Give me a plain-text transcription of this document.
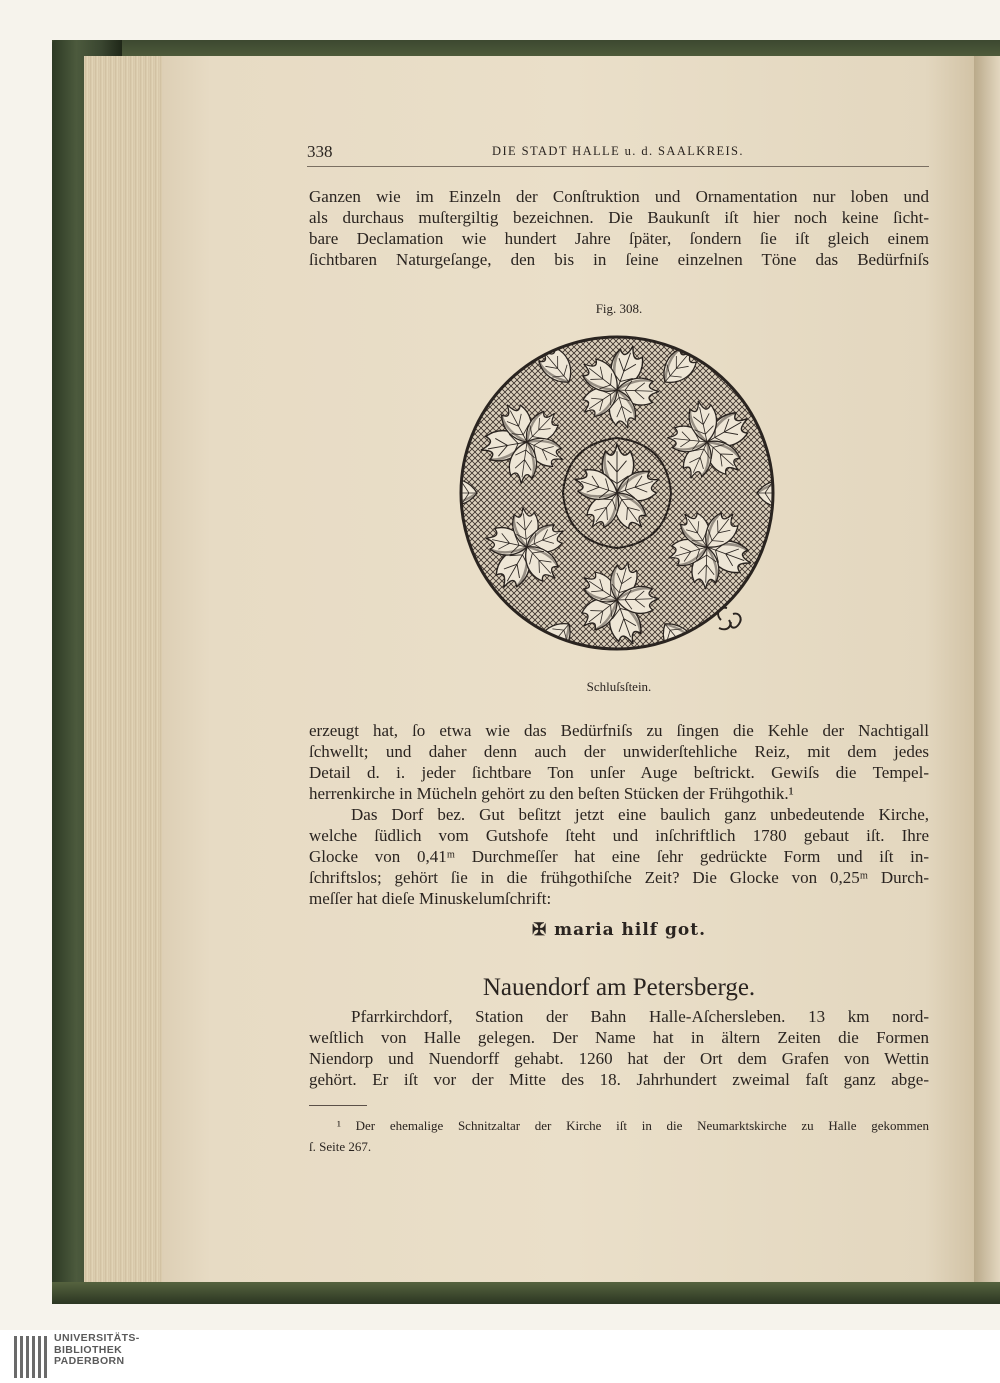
338	DIE STADT HALLE u. d. SAALKREIS.
Ganzen wie im Einzeln der Conſtruktion und Ornamentation nur loben und
als durchaus muſtergiltig bezeichnen. Die Baukunſt iſt hier noch keine ſicht-
bare Declamation wie hundert Jahre ſpäter, ſondern ſie iſt gleich einem
ſichtbaren Naturgeſange, den bis in ſeine einzelnen Töne das Bedürfniſs
Fig. 308.
Schluſsſtein.
erzeugt hat, ſo etwa wie das Bedürfniſs zu ſingen die Kehle der Nachtigall
ſchwellt; und daher denn auch der unwiderſtehliche Reiz, mit dem jedes
Detail d. i. jeder ſichtbare Ton unſer Auge beſtrickt. Gewiſs die Tempel-
herrenkirche in Mücheln gehört zu den beſten Stücken der Frühgothik.¹
Das Dorf bez. Gut beſitzt jetzt eine baulich ganz unbedeutende Kirche,
welche ſüdlich vom Gutshofe ſteht und inſchriftlich 1780 gebaut iſt. Ihre
Glocke von 0,41ᵐ Durchmeſſer hat eine ſehr gedrückte Form und iſt in-
ſchriftslos; gehört ſie in die frühgothiſche Zeit? Die Glocke von 0,25ᵐ Durch-
meſſer hat dieſe Minuskelumſchrift:
✠ maria hilf got.
Nauendorf am Petersberge.
Pfarrkirchdorf, Station der Bahn Halle-Aſchersleben. 13 km nord-
weſtlich von Halle gelegen. Der Name hat in ältern Zeiten die Formen
Niendorp und Nuendorff gehabt. 1260 hat der Ort dem Grafen von Wettin
gehört. Er iſt vor der Mitte des 18. Jahrhundert zweimal faſt ganz abge-
¹ Der ehemalige Schnitzaltar der Kirche iſt in die Neumarktskirche zu Halle gekommen
ſ. Seite 267.
UNIVERSITÄTS-
BIBLIOTHEK
PADERBORN
